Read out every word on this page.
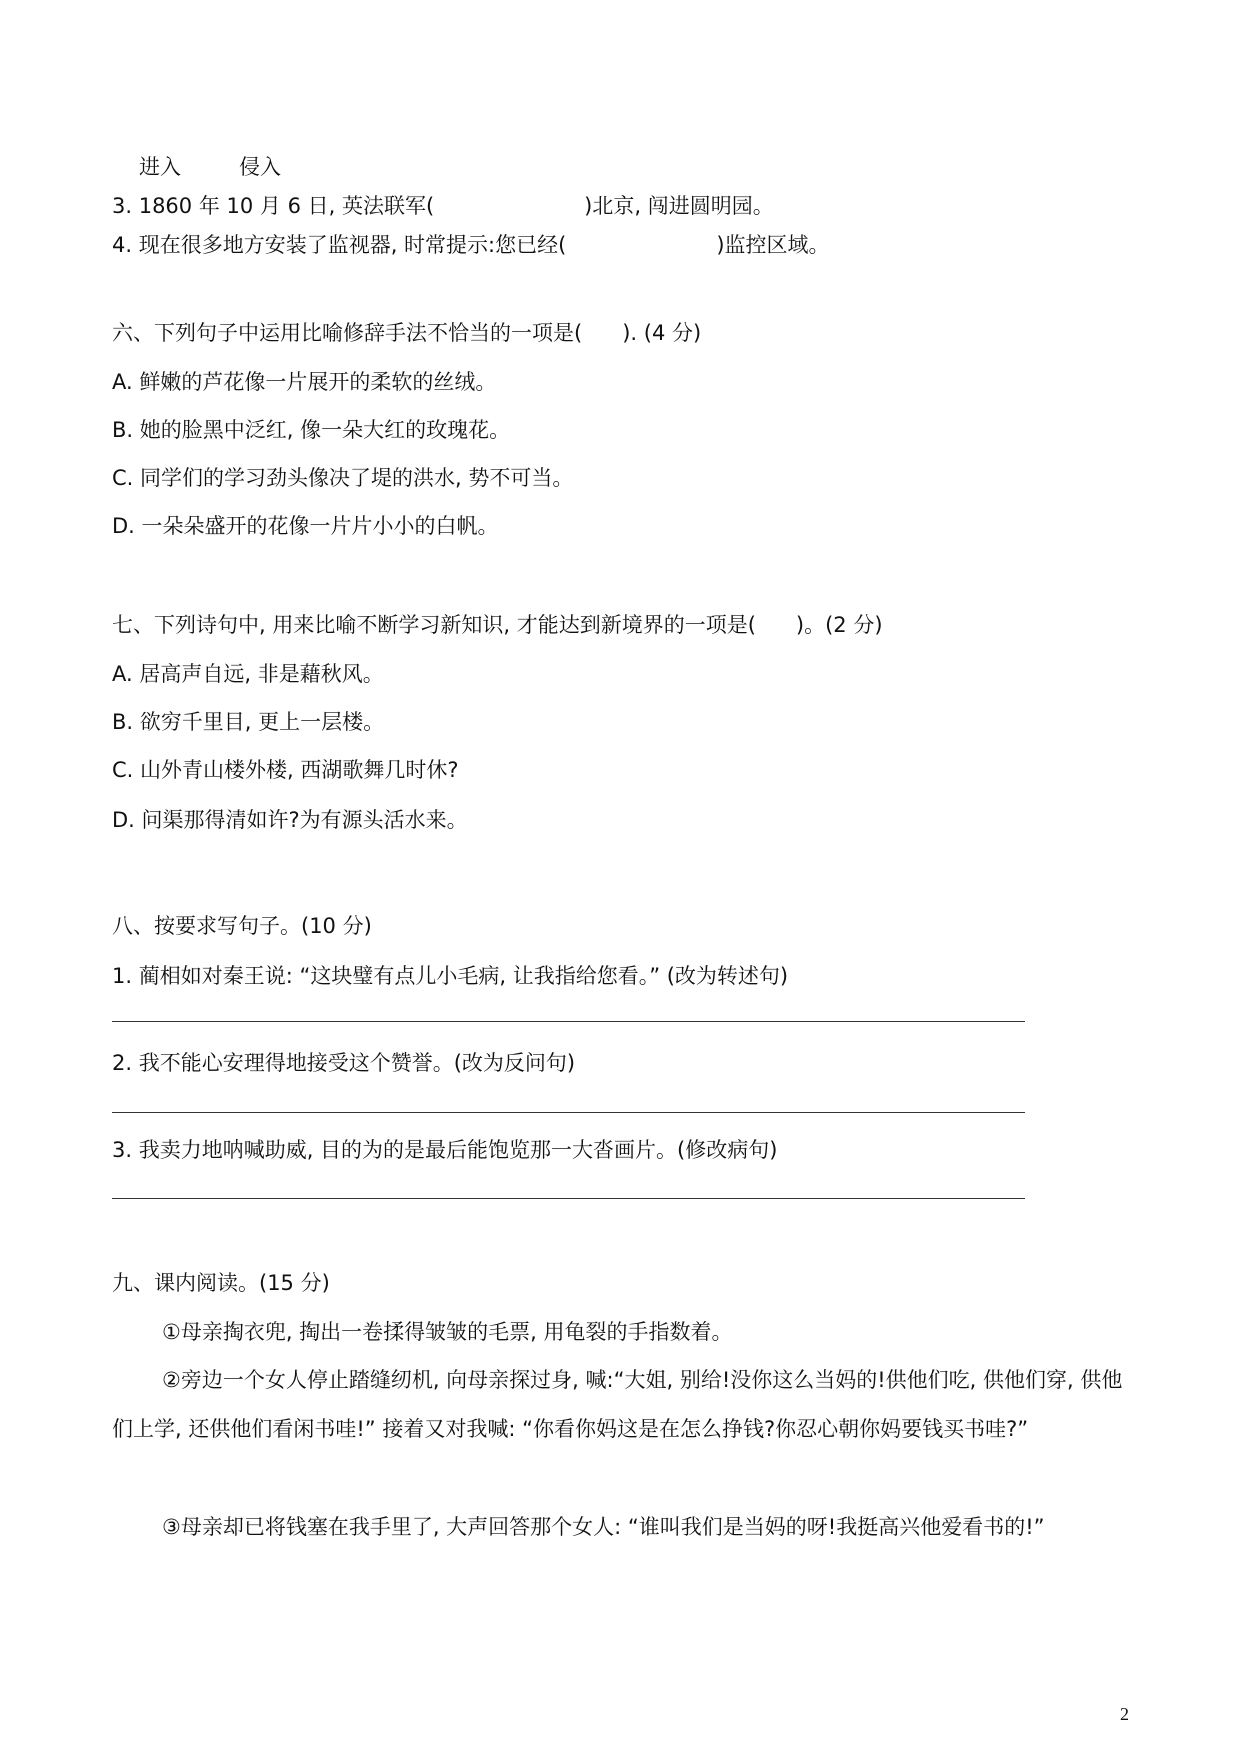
进入	侵入
3. 1860 年 10 月 6 日, 英法联军(	)北京, 闯进圆明园。
4. 现在很多地方安装了监视器, 时常提示:您已经(	)监控区域。
六、下列句子中运用比喻修辞手法不恰当的一项是( ). (4 分)
A. 鲜嫩的芦花像一片展开的柔软的丝绒。
B. 她的脸黑中泛红, 像一朵大红的玫瑰花。
C. 同学们的学习劲头像决了堤的洪水, 势不可当。
D. 一朵朵盛开的花像一片片小小的白帆。
七、下列诗句中, 用来比喻不断学习新知识, 才能达到新境界的一项是( )。(2 分)
A. 居高声自远, 非是藉秋风。
B. 欲穷千里目, 更上一层楼。
C. 山外青山楼外楼, 西湖歌舞几时休?
D. 问渠那得清如许?为有源头活水来。
八、按要求写句子。(10 分)
1. 蔺相如对秦王说: “这块璧有点儿小毛病, 让我指给您看。” (改为转述句)
2. 我不能心安理得地接受这个赞誉。(改为反问句)
3. 我卖力地呐喊助威, 目的为的是最后能饱览那一大沓画片。(修改病句)
九、课内阅读。(15 分)
①母亲掏衣兜, 掏出一卷揉得皱皱的毛票, 用龟裂的手指数着。
②旁边一个女人停止踏缝纫机, 向母亲探过身, 喊:“大姐, 别给!没你这么当妈的!供他们吃, 供他们穿, 供他们上学, 还供他们看闲书哇!” 接着又对我喊: “你看你妈这是在怎么挣钱?你忍心朝你妈要钱买书哇?”
③母亲却已将钱塞在我手里了, 大声回答那个女人: “谁叫我们是当妈的呀!我挺高兴他爱看书的!”
2
